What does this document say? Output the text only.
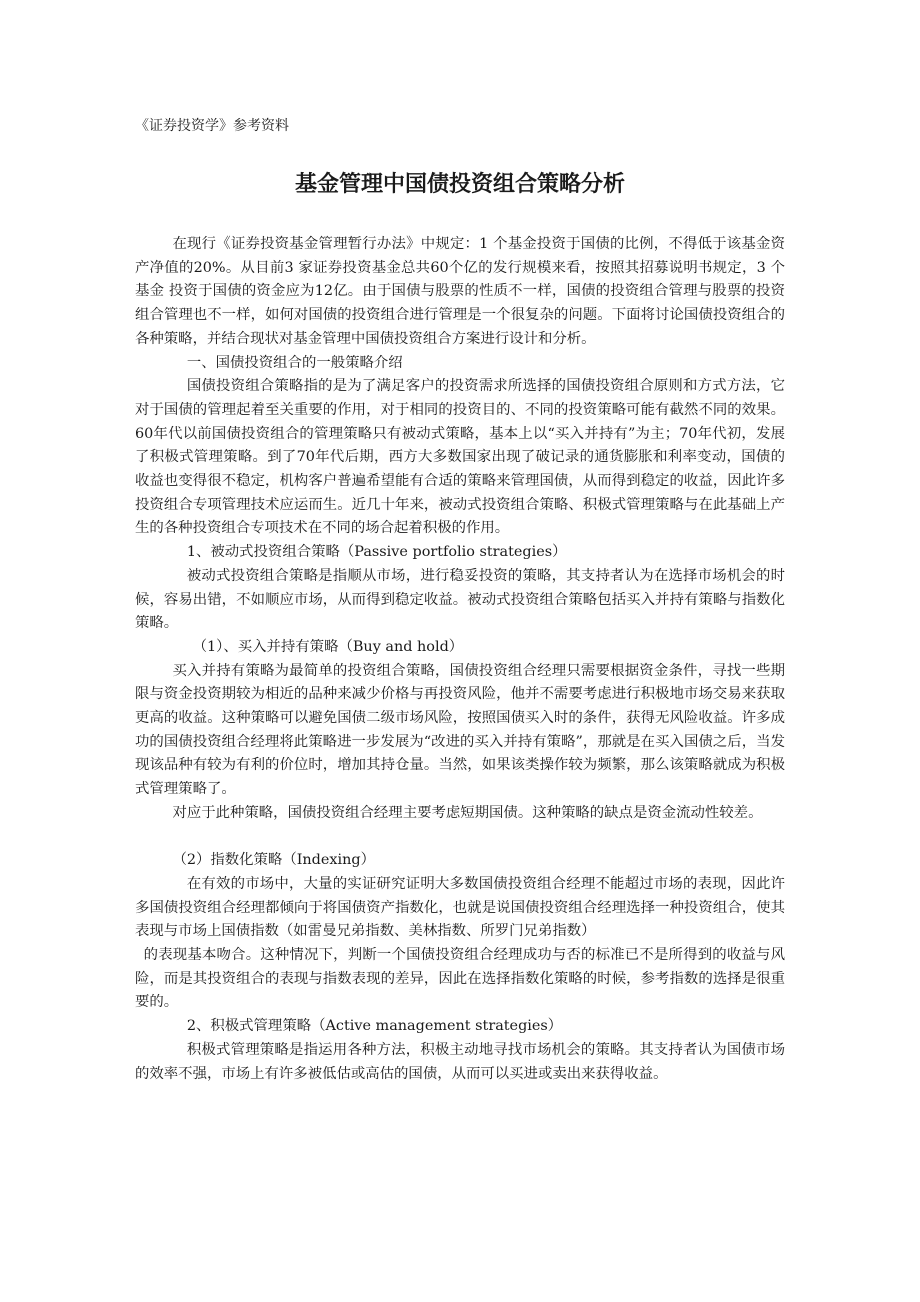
《证券投资学》参考资料
基金管理中国债投资组合策略分析

在现行《证券投资基金管理暂行办法》中规定：1 个基金投资于国债的比例，不得低于该基金资产净值的20%。从目前3 家证券投资基金总共60个亿的发行规模来看，按照其招募说明书规定，3 个基金 投资于国债的资金应为12亿。由于国债与股票的性质不一样，国债的投资组合管理与股票的投资组合管理也不一样，如何对国债的投资组合进行管理是一个很复杂的问题。下面将讨论国债投资组合的各种策略，并结合现状对基金管理中国债投资组合方案进行设计和分析。

一、国债投资组合的一般策略介绍

国债投资组合策略指的是为了满足客户的投资需求所选择的国债投资组合原则和方式方法，它对于国债的管理起着至关重要的作用，对于相同的投资目的、不同的投资策略可能有截然不同的效果。60年代以前国债投资组合的管理策略只有被动式策略，基本上以“买入并持有”为主；70年代初，发展了积极式管理策略。到了70年代后期，西方大多数国家出现了破记录的通货膨胀和利率变动，国债的收益也变得很不稳定，机构客户普遍希望能有合适的策略来管理国债，从而得到稳定的收益，因此许多投资组合专项管理技术应运而生。近几十年来，被动式投资组合策略、积极式管理策略与在此基础上产生的各种投资组合专项技术在不同的场合起着积极的作用。

1、被动式投资组合策略（Passive portfolio strategies）

被动式投资组合策略是指顺从市场，进行稳妥投资的策略，其支持者认为在选择市场机会的时候，容易出错，不如顺应市场，从而得到稳定收益。被动式投资组合策略包括买入并持有策略与指数化策略。

（1）、买入并持有策略（Buy and hold）

买入并持有策略为最简单的投资组合策略，国债投资组合经理只需要根据资金条件，寻找一些期限与资金投资期较为相近的品种来减少价格与再投资风险，他并不需要考虑进行积极地市场交易来获取更高的收益。这种策略可以避免国债二级市场风险，按照国债买入时的条件，获得无风险收益。许多成功的国债投资组合经理将此策略进一步发展为“改进的买入并持有策略”，那就是在买入国债之后，当发现该品种有较为有利的价位时，增加其持仓量。当然，如果该类操作较为频繁，那么该策略就成为积极式管理策略了。

对应于此种策略，国债投资组合经理主要考虑短期国债。这种策略的缺点是资金流动性较差。

（2）指数化策略（Indexing）

在有效的市场中，大量的实证研究证明大多数国债投资组合经理不能超过市场的表现，因此许多国债投资组合经理都倾向于将国债资产指数化，也就是说国债投资组合经理选择一种投资组合，使其表现与市场上国债指数（如雷曼兄弟指数、美林指数、所罗门兄弟指数）

的表现基本吻合。这种情况下，判断一个国债投资组合经理成功与否的标准已不是所得到的收益与风险，而是其投资组合的表现与指数表现的差异，因此在选择指数化策略的时候，参考指数的选择是很重要的。

2、积极式管理策略（Active management strategies）

积极式管理策略是指运用各种方法，积极主动地寻找市场机会的策略。其支持者认为国债市场的效率不强，市场上有许多被低估或高估的国债，从而可以买进或卖出来获得收益。
